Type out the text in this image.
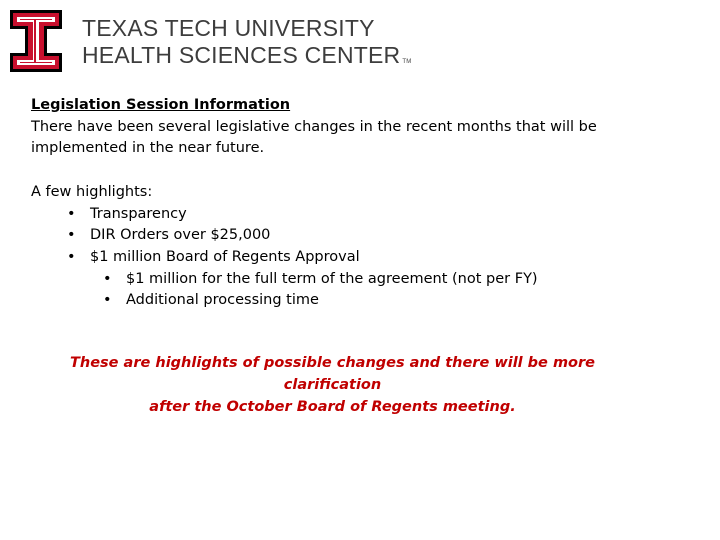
TEXAS TECH UNIVERSITY
HEALTH SCIENCES CENTER TM
Legislation Session Information

There have been several legislative changes in the recent months that will be implemented in the near future.

A few highlights:
• Transparency
• DIR Orders over $25,000
• $1 million Board of Regents Approval
• $1 million for the full term of the agreement (not per FY)
• Additional processing time
These are highlights of possible changes and there will be more clarification
after the October Board of Regents meeting.
